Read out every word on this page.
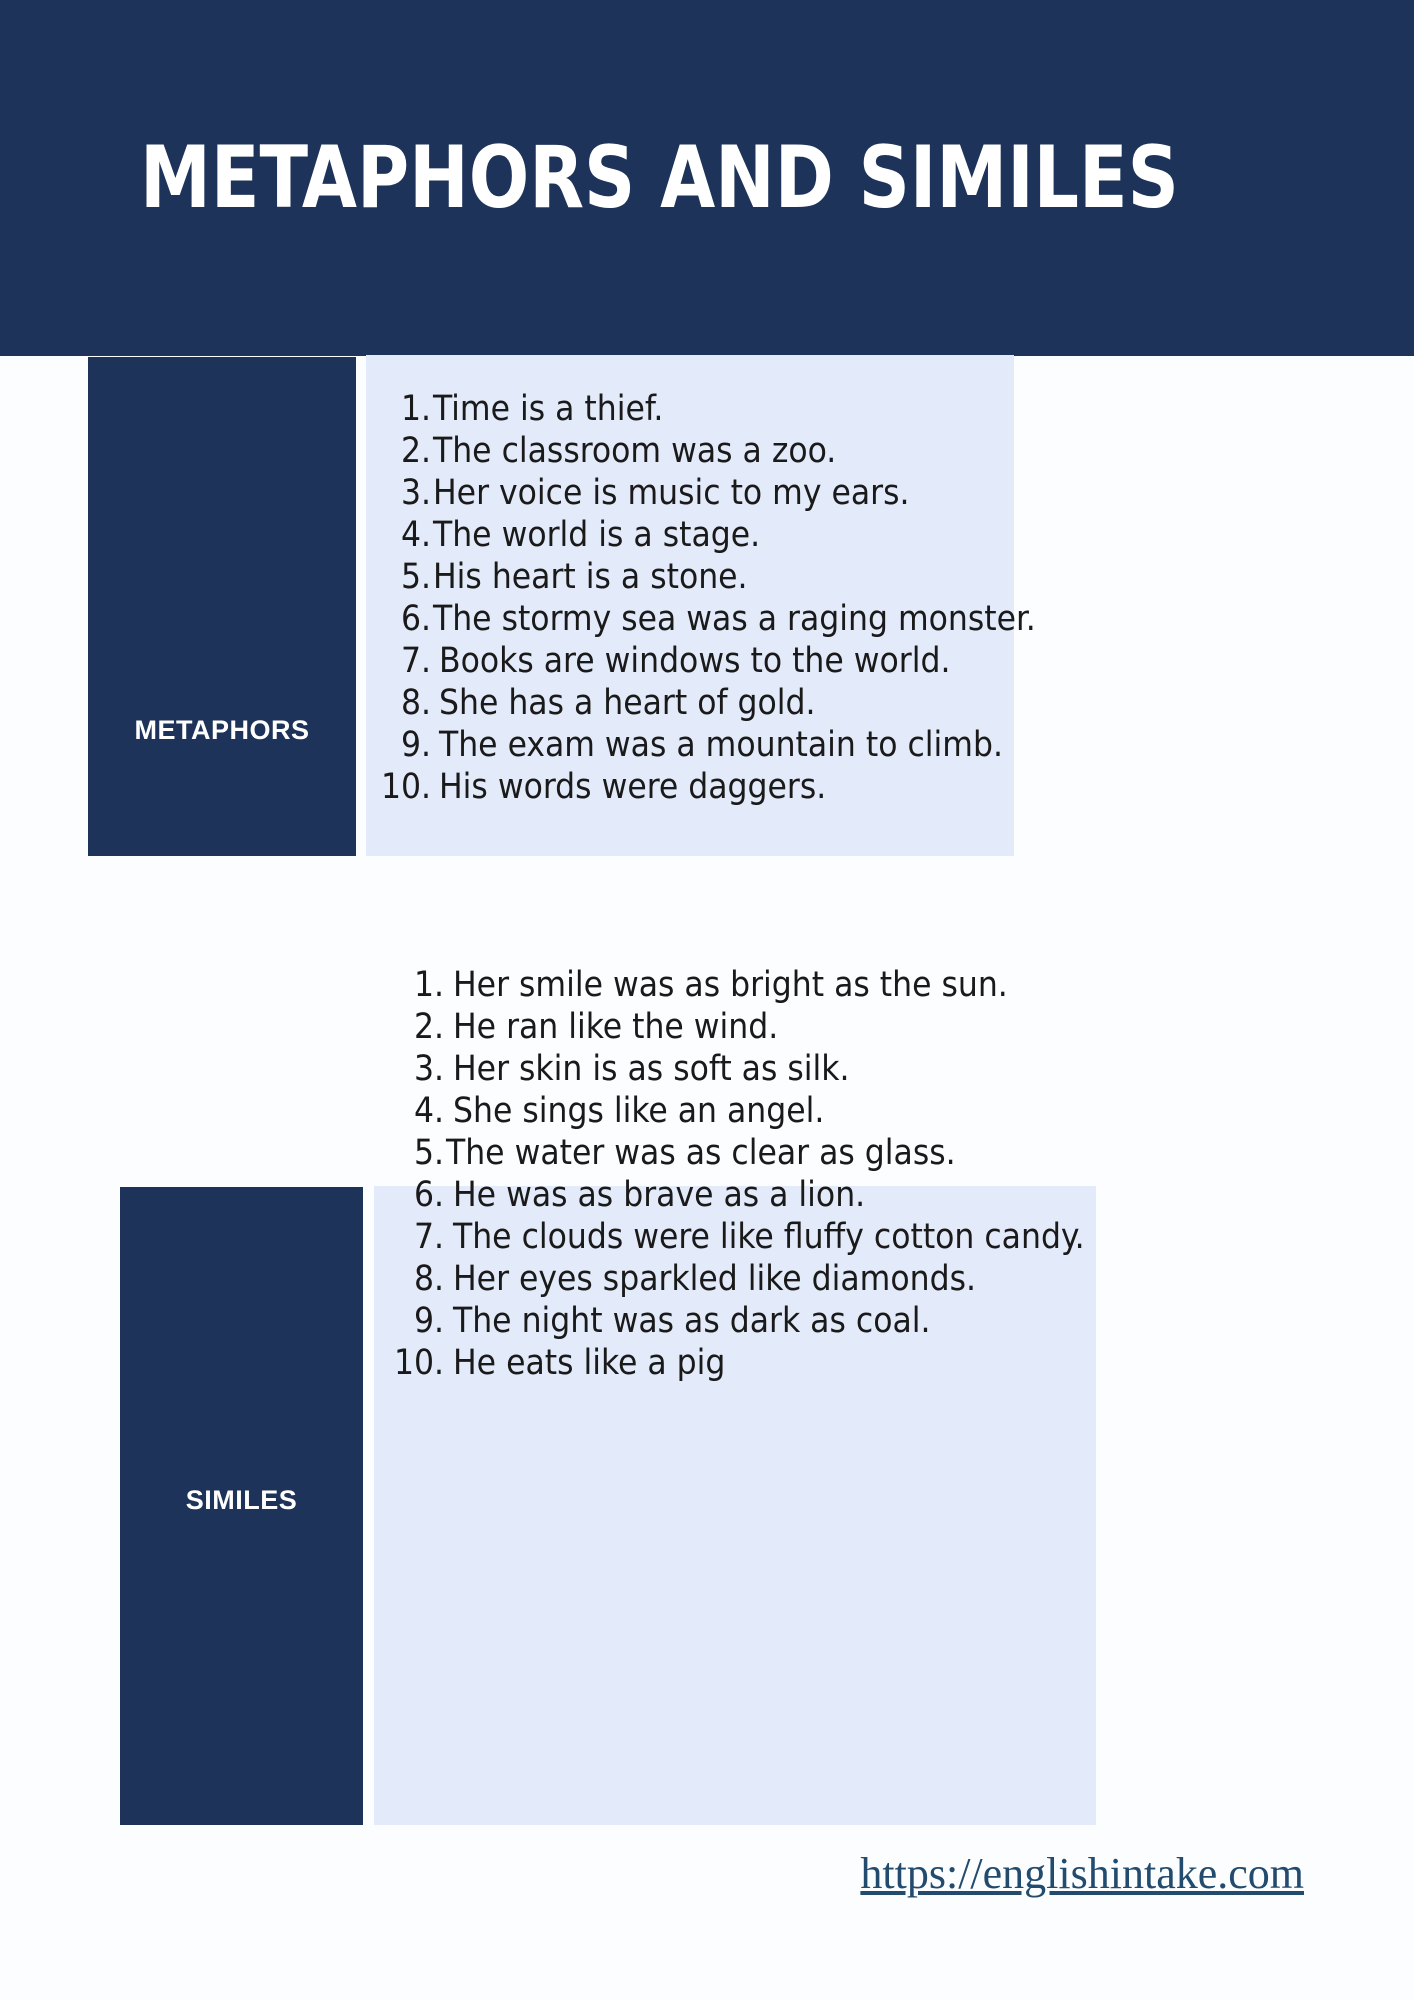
METAPHORS AND SIMILES
METAPHORS
1. Time is a thief.
2. The classroom was a zoo.
3. Her voice is music to my ears.
4. The world is a stage.
5. His heart is a stone.
6. The stormy sea was a raging monster.
7. Books are windows to the world.
8. She has a heart of gold.
9. The exam was a mountain to climb.
10. His words were daggers.
SIMILES
1. Her smile was as bright as the sun.
2. He ran like the wind.
3. Her skin is as soft as silk.
4. She sings like an angel.
5. The water was as clear as glass.
6. He was as brave as a lion.
7. The clouds were like fluffy cotton candy.
8. Her eyes sparkled like diamonds.
9. The night was as dark as coal.
10. He eats like a pig
https://englishintake.com
